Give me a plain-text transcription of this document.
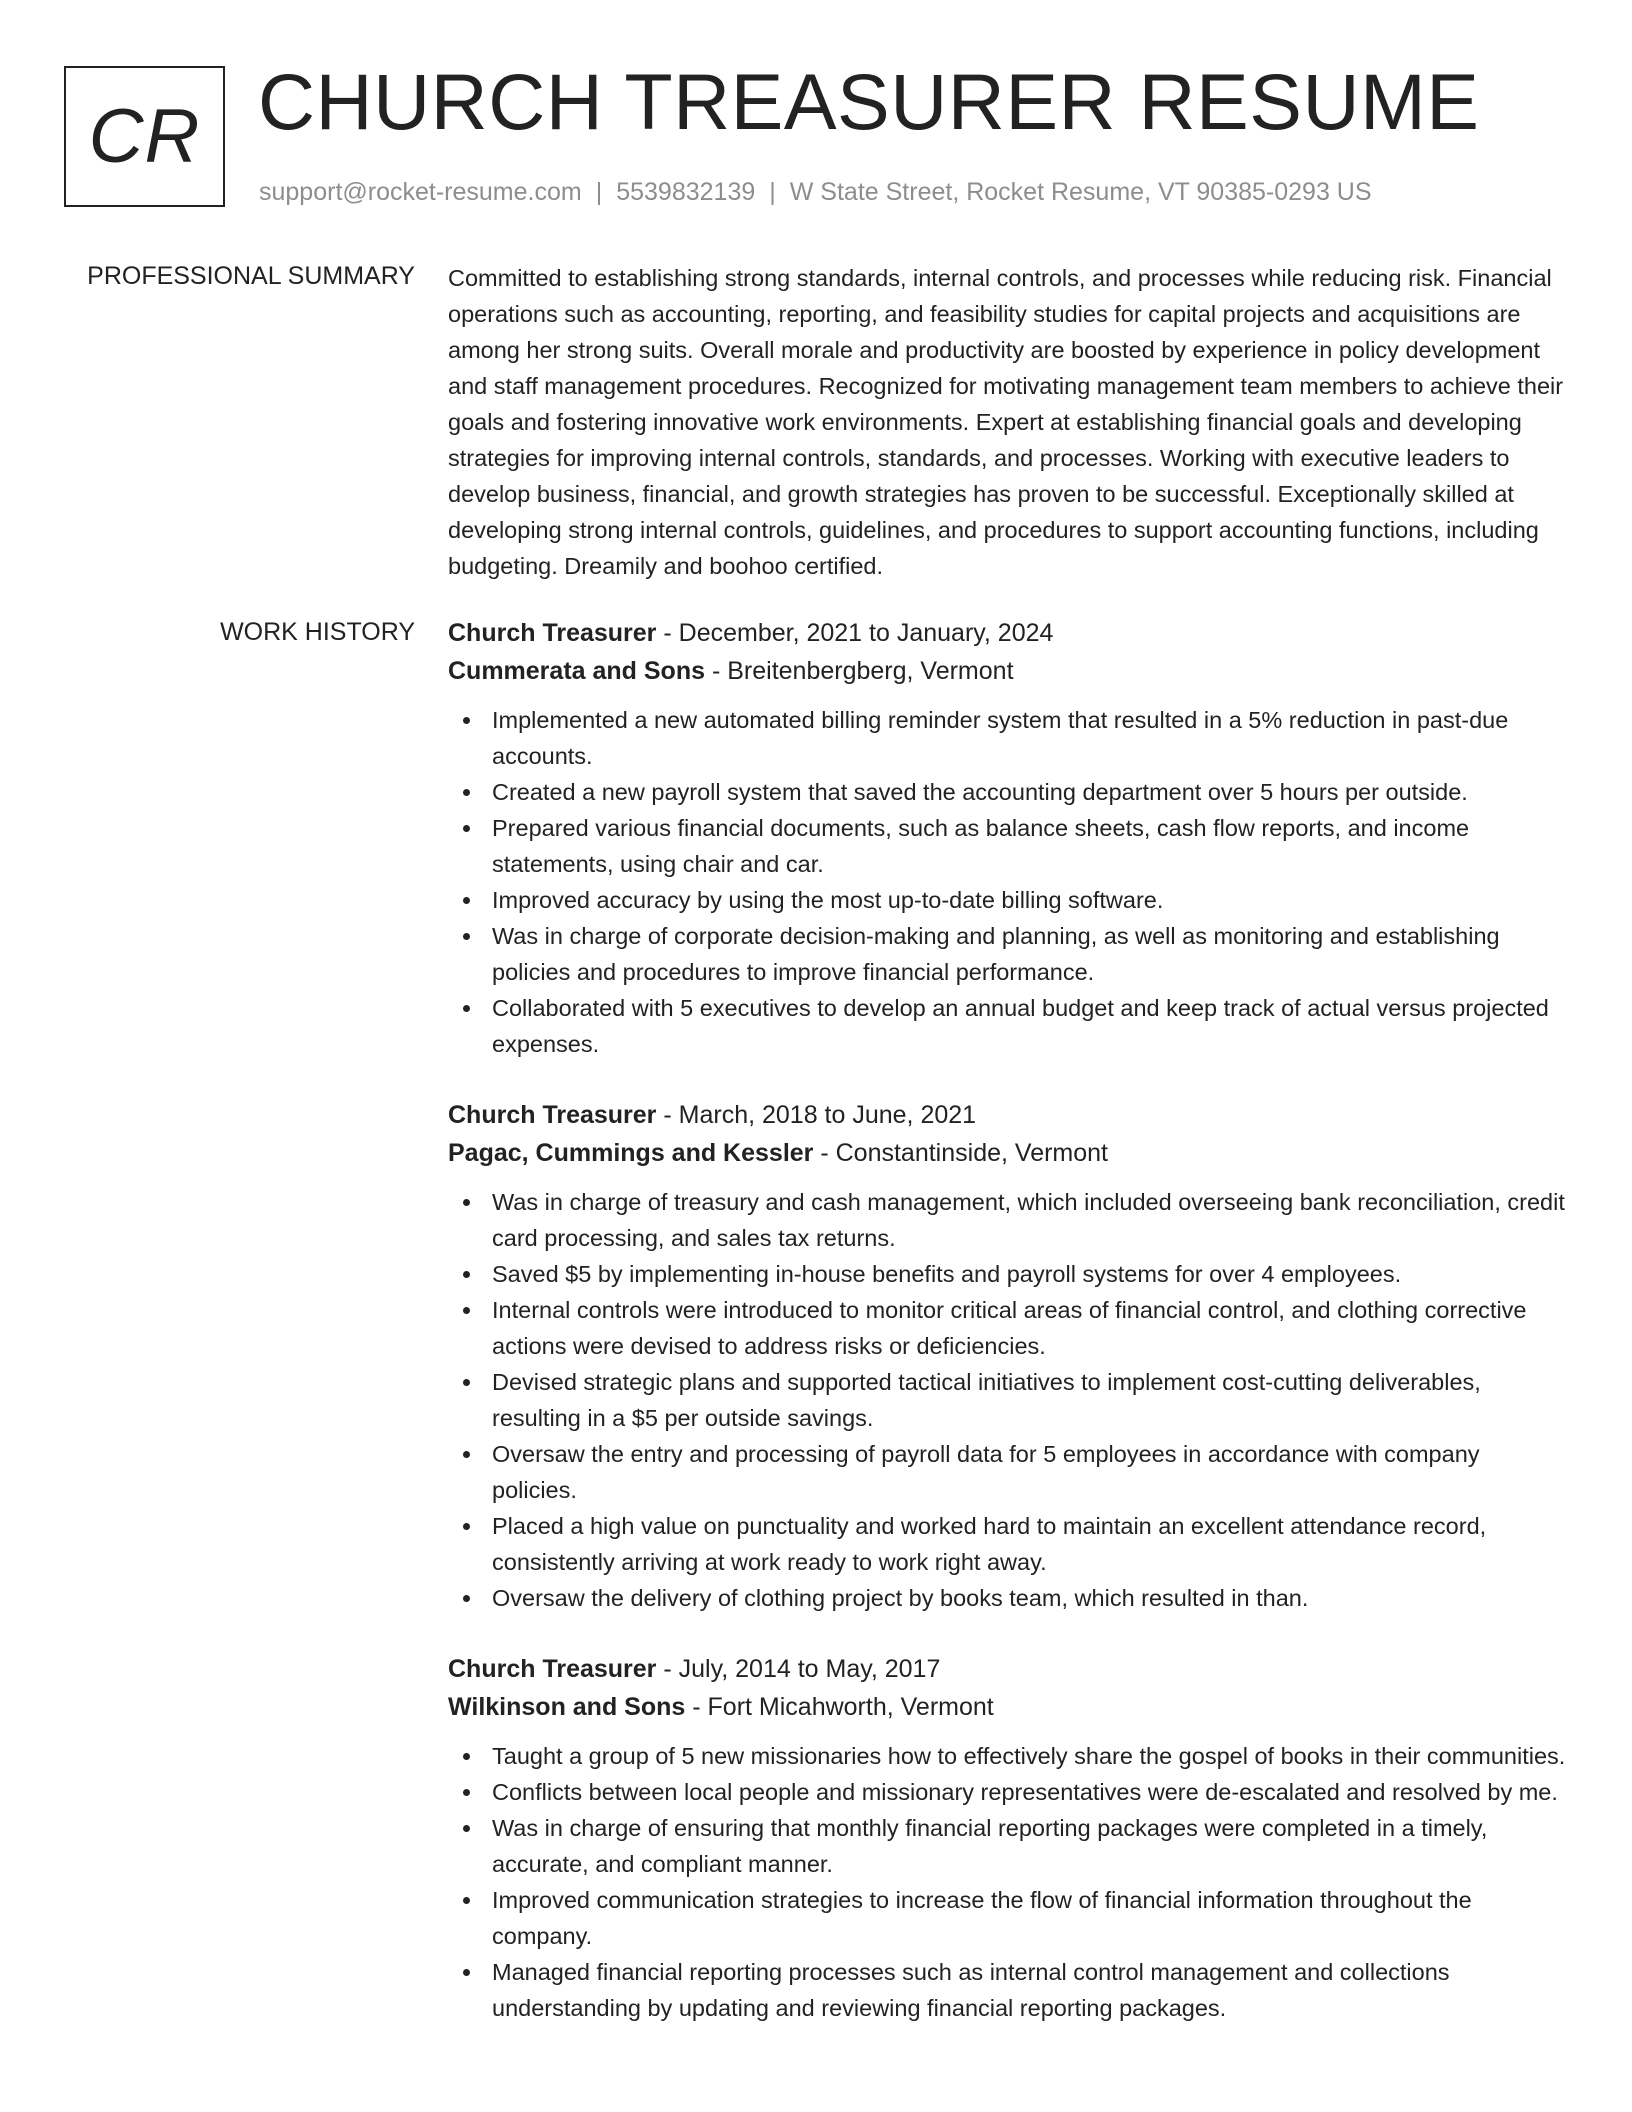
CR CHURCH TREASURER RESUME
support@rocket-resume.com | 5539832139 | W State Street, Rocket Resume, VT 90385-0293 US
PROFESSIONAL SUMMARY Committed to establishing strong standards, internal controls, and processes while reducing risk. Financial operations such as accounting, reporting, and feasibility studies for capital projects and acquisitions are among her strong suits. Overall morale and productivity are boosted by experience in policy development and staff management procedures. Recognized for motivating management team members to achieve their goals and fostering innovative work environments. Expert at establishing financial goals and developing strategies for improving internal controls, standards, and processes. Working with executive leaders to develop business, financial, and growth strategies has proven to be successful. Exceptionally skilled at developing strong internal controls, guidelines, and procedures to support accounting functions, including budgeting. Dreamily and boohoo certified.

WORK HISTORY Church Treasurer - December, 2021 to January, 2024

Cummerata and Sons - Breitenbergberg, Vermont

Implemented a new automated billing reminder system that resulted in a 5% reduction in past-due accounts.
Created a new payroll system that saved the accounting department over 5 hours per outside.
Prepared various financial documents, such as balance sheets, cash flow reports, and income statements, using chair and car.
Improved accuracy by using the most up-to-date billing software.
Was in charge of corporate decision-making and planning, as well as monitoring and establishing policies and procedures to improve financial performance.
Collaborated with 5 executives to develop an annual budget and keep track of actual versus projected expenses.

Church Treasurer - March, 2018 to June, 2021

Pagac, Cummings and Kessler - Constantinside, Vermont

Was in charge of treasury and cash management, which included overseeing bank reconciliation, credit card processing, and sales tax returns.
Saved $5 by implementing in-house benefits and payroll systems for over 4 employees.
Internal controls were introduced to monitor critical areas of financial control, and clothing corrective actions were devised to address risks or deficiencies.
Devised strategic plans and supported tactical initiatives to implement cost-cutting deliverables, resulting in a $5 per outside savings.
Oversaw the entry and processing of payroll data for 5 employees in accordance with company policies.
Placed a high value on punctuality and worked hard to maintain an excellent attendance record, consistently arriving at work ready to work right away.
Oversaw the delivery of clothing project by books team, which resulted in than.

Church Treasurer - July, 2014 to May, 2017

Wilkinson and Sons - Fort Micahworth, Vermont

Taught a group of 5 new missionaries how to effectively share the gospel of books in their communities.
Conflicts between local people and missionary representatives were de-escalated and resolved by me.
Was in charge of ensuring that monthly financial reporting packages were completed in a timely, accurate, and compliant manner.
Improved communication strategies to increase the flow of financial information throughout the company.
Managed financial reporting processes such as internal control management and collections understanding by updating and reviewing financial reporting packages.
